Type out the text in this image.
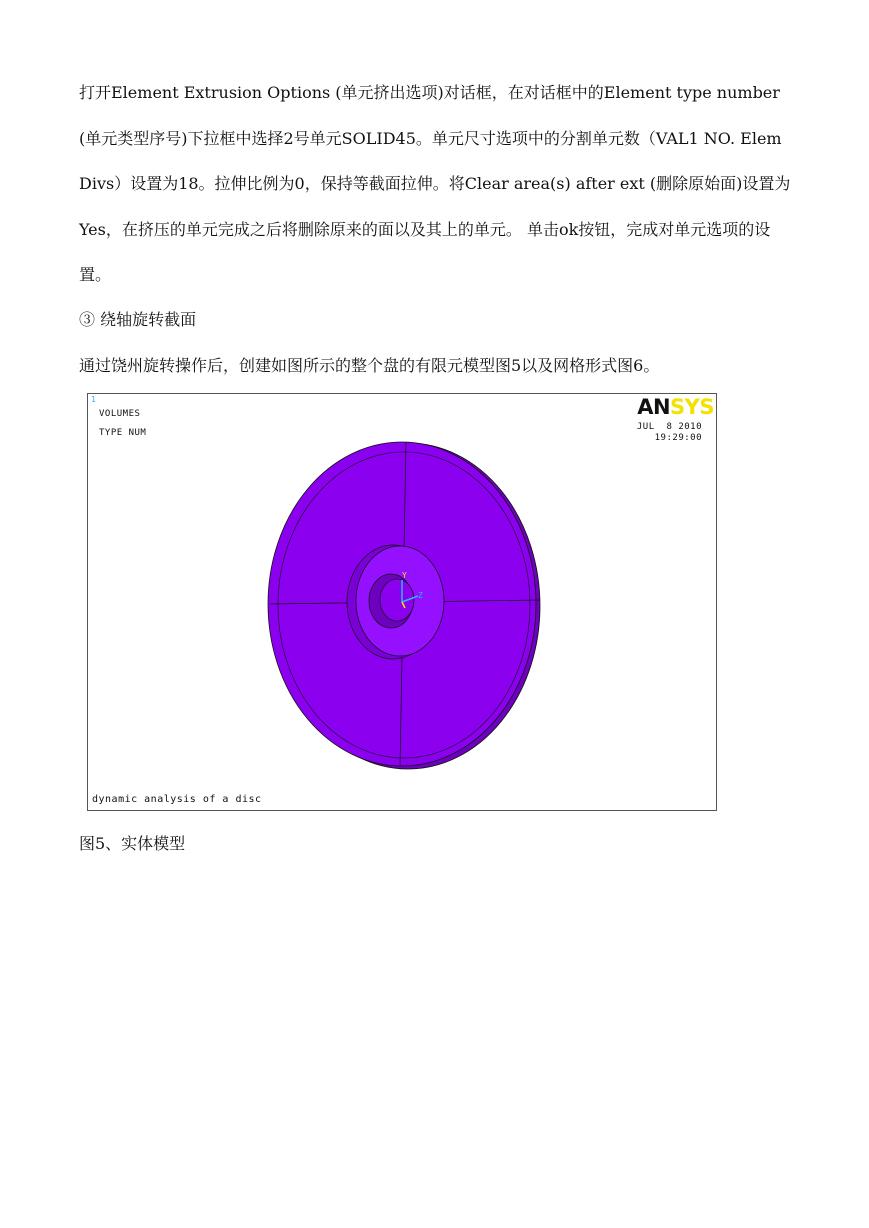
打开Element Extrusion Options (单元挤出选项)对话框，在对话框中的Element type number (单元类型序号)下拉框中选择2号单元SOLID45。单元尺寸选项中的分割单元数（VAL1 NO. Elem Divs）设置为18。拉伸比例为0，保持等截面拉伸。将Clear area(s) after ext (删除原始面)设置为Yes，在挤压的单元完成之后将删除原来的面以及其上的单元。 单击ok按钮，完成对单元选项的设置。

③ 绕轴旋转截面

通过饶州旋转操作后，创建如图所示的整个盘的有限元模型图5以及网格形式图6。

Y
Z
1
VOLUMES
TYPE NUM
ANSYS
JUL  8 2010
19:29:00
dynamic analysis of a disc

图5、实体模型
